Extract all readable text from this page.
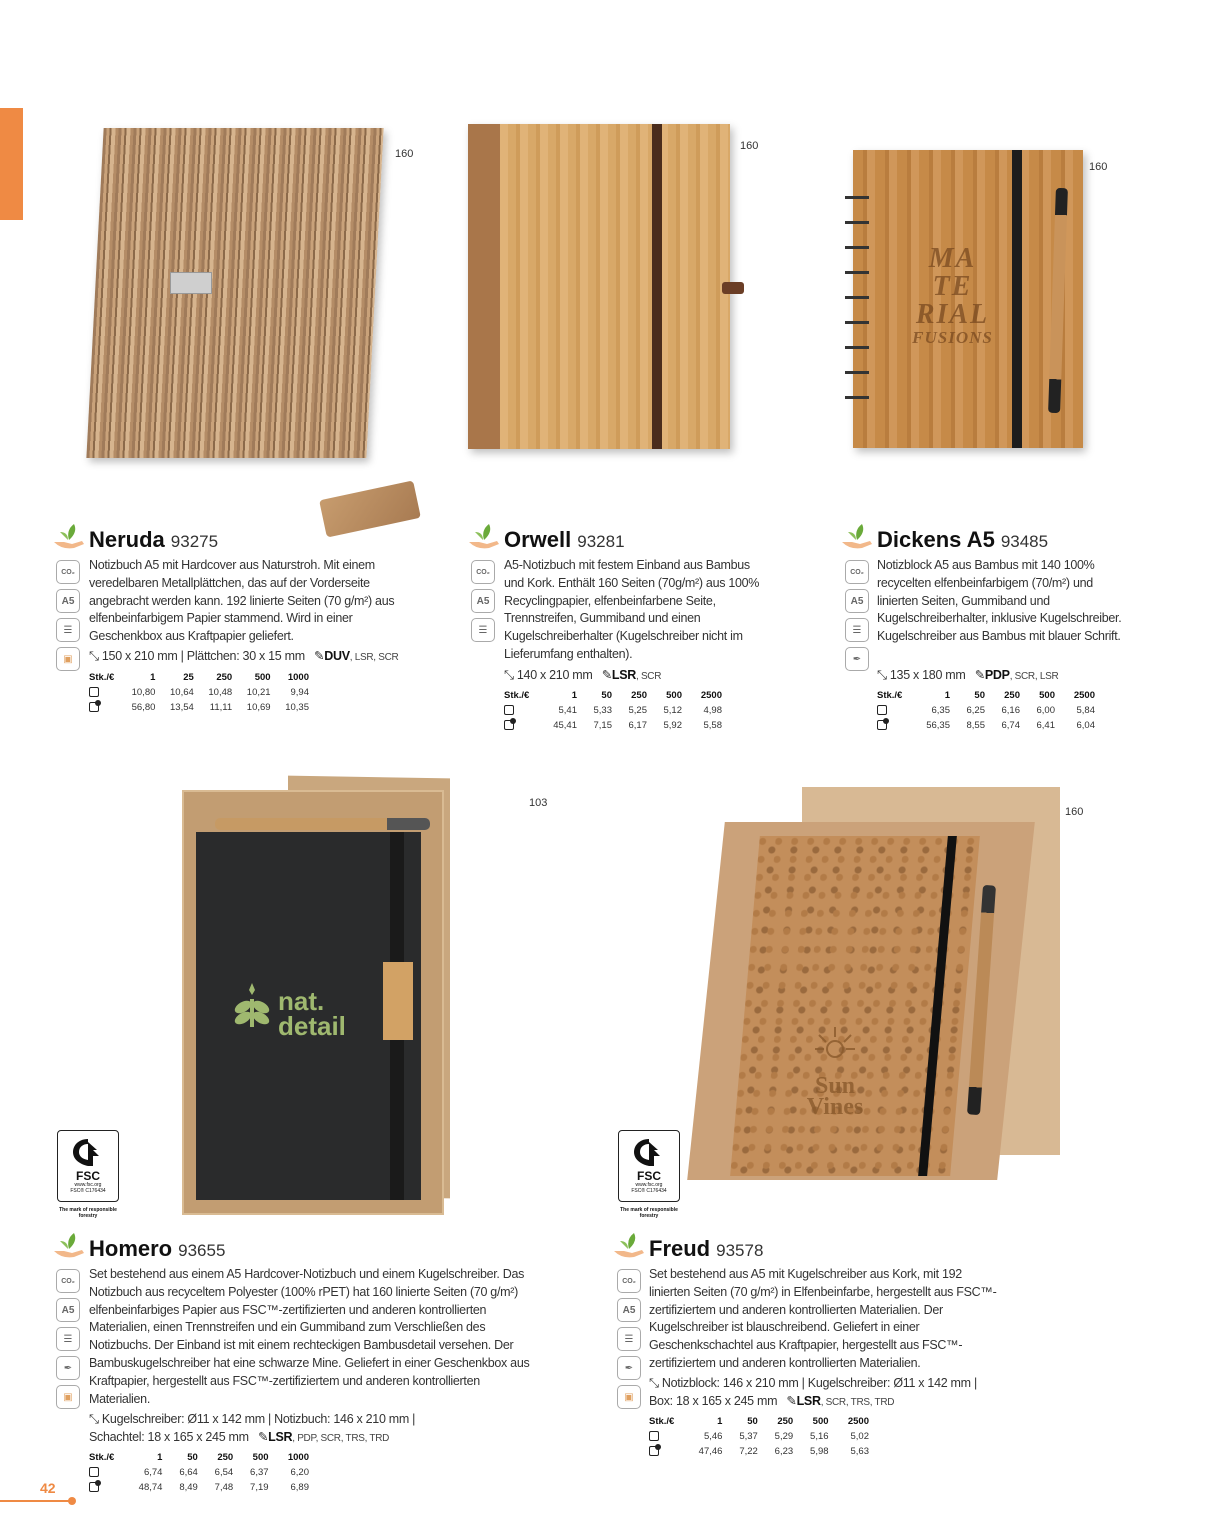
160
160
MA
TE
RIAL
FUSIONS
160
nat.
detail
103
FSC
www.fsc.org
FSC® C176434
The mark of responsible forestry
Sun
Vines
160
FSC
www.fsc.org
FSC® C176434
The mark of responsible forestry
Neruda 93275
CO₂
A5
☰
▣
Notizbuch A5 mit Hardcover aus Naturstroh. Mit einem veredelbaren Metallplättchen, das auf der Vorderseite angebracht werden kann. 192 linierte Seiten (70 g/m²) aus elfenbeinfarbigem Papier stammend. Wird in einer Geschenkbox aus Kraftpapier geliefert.
⤡ 150 x 210 mm | Plättchen: 30 x 15 mm ✎DUV, LSR, SCR
Stk./€	1	25	250	500	1000
	10,80	10,64	10,48	10,21	9,94
	56,80	13,54	11,11	10,69	10,35
Orwell 93281
CO₂
A5
☰
A5-Notizbuch mit festem Einband aus Bambus und Kork. Enthält 160 Seiten (70g/m²) aus 100% Recyclingpapier, elfenbeinfarbene Seite, Trennstreifen, Gummiband und einen Kugelschreiberhalter (Kugelschreiber nicht im Lieferumfang enthalten).
⤡ 140 x 210 mm ✎LSR, SCR
Stk./€	1	50	250	500	2500
	5,41	5,33	5,25	5,12	4,98
	45,41	7,15	6,17	5,92	5,58
Dickens A5 93485
CO₂
A5
☰
✒
Notizblock A5 aus Bambus mit 140 100% recycelten elfenbeinfarbigem (70/m²) und linierten Seiten, Gummiband und Kugelschreiberhalter, inklusive Kugelschreiber. Kugelschreiber aus Bambus mit blauer Schrift.
⤡ 135 x 180 mm ✎PDP, SCR, LSR
Stk./€	1	50	250	500	2500
	6,35	6,25	6,16	6,00	5,84
	56,35	8,55	6,74	6,41	6,04
Homero 93655
CO₂
A5
☰
✒
▣
Set bestehend aus einem A5 Hardcover-Notizbuch und einem Kugelschreiber. Das Notizbuch aus recyceltem Polyester (100% rPET) hat 160 linierte Seiten (70 g/m²) elfenbeinfarbiges Papier aus FSC™-zertifizierten und anderen kontrollierten Materialien, einen Trennstreifen und ein Gummiband zum Verschließen des Notizbuchs. Der Einband ist mit einem rechteckigen Bambusdetail versehen. Der Bambuskugelschreiber hat eine schwarze Mine. Geliefert in einer Geschenkbox aus Kraftpapier, hergestellt aus FSC™-zertifiziertem und anderen kontrollierten Materialien.
⤡ Kugelschreiber: Ø11 x 142 mm | Notizbuch: 146 x 210 mm | Schachtel: 18 x 165 x 245 mm ✎LSR, PDP, SCR, TRS, TRD
Stk./€	1	50	250	500	1000
	6,74	6,64	6,54	6,37	6,20
	48,74	8,49	7,48	7,19	6,89
Freud 93578
CO₂
A5
☰
✒
▣
Set bestehend aus A5 mit Kugelschreiber aus Kork, mit 192 linierten Seiten (70 g/m²) in Elfenbeinfarbe, hergestellt aus FSC™-zertifiziertem und anderen kontrollierten Materialien. Der Kugelschreiber ist blauschreibend. Geliefert in einer Geschenkschachtel aus Kraftpapier, hergestellt aus FSC™-zertifiziertem und anderen kontrollierten Materialien.
⤡ Notizblock: 146 x 210 mm | Kugelschreiber: Ø11 x 142 mm | Box: 18 x 165 x 245 mm ✎LSR, SCR, TRS, TRD
Stk./€	1	50	250	500	2500
	5,46	5,37	5,29	5,16	5,02
	47,46	7,22	6,23	5,98	5,63
42
